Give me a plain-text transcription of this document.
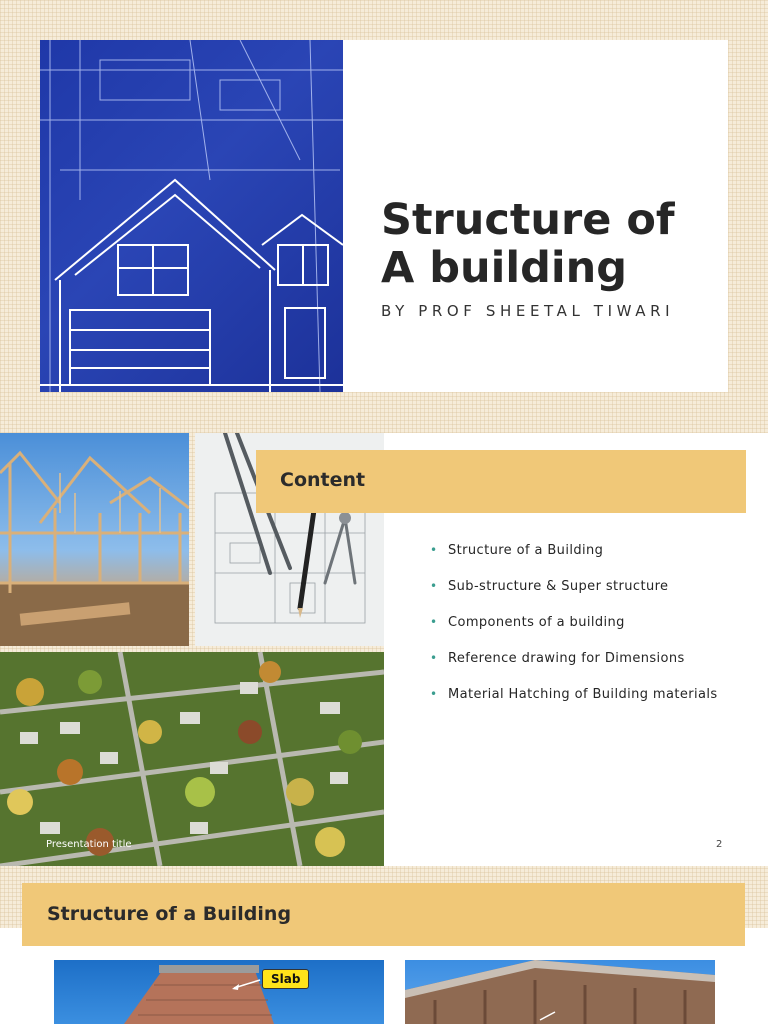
Structure of
A building
BY PROF SHEETAL TIWARI
Content
• Structure of a Building
• Sub-structure & Super structure
• Components of a building
• Reference drawing for Dimensions
• Material Hatching of Building materials
Presentation title	2
Structure of a Building
Slab
